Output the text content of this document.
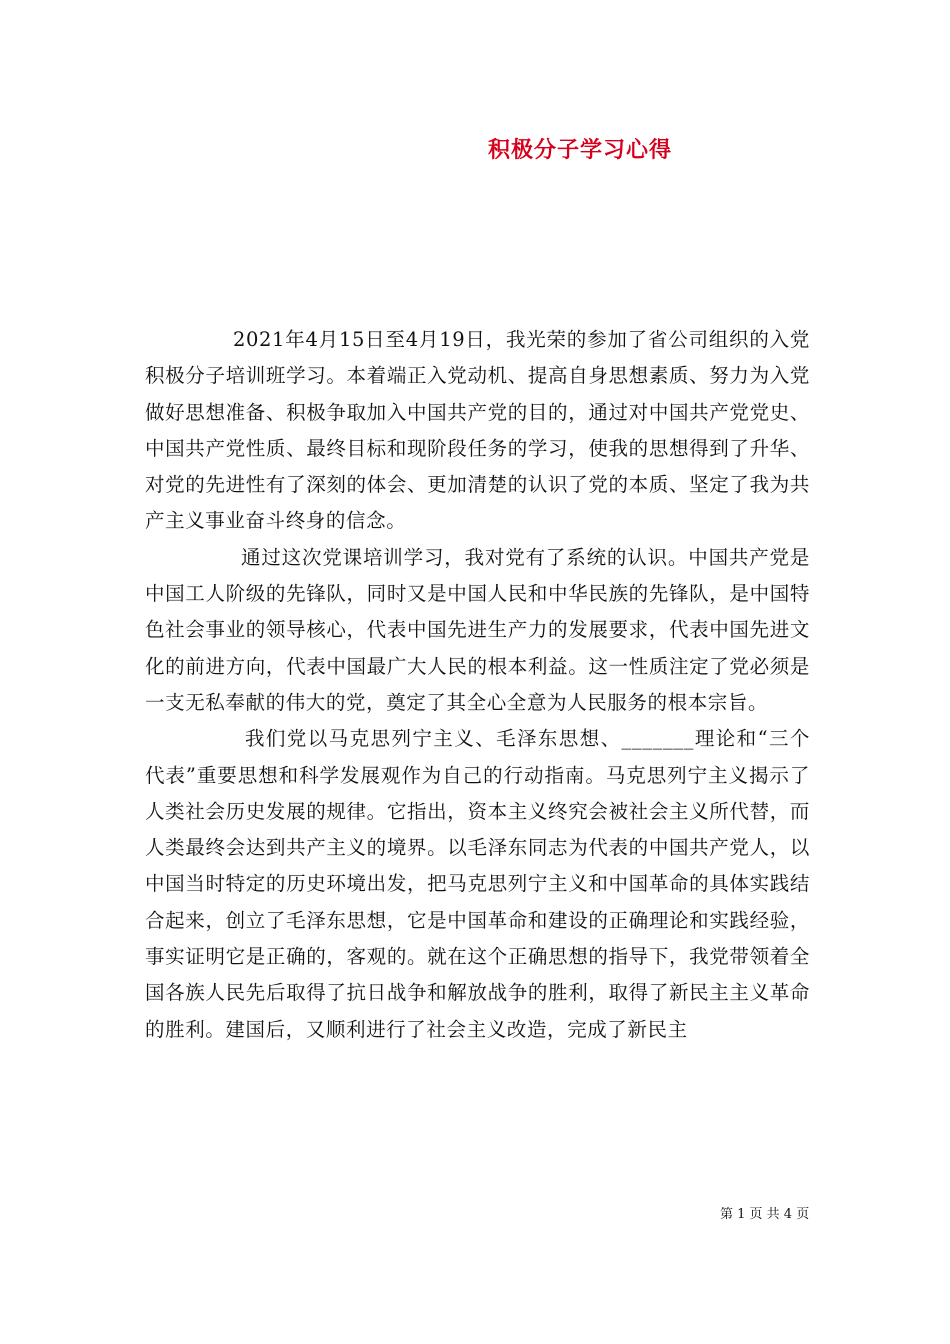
积极分子学习心得

2021年4月15日至4月19日，我光荣的参加了省公司组织的入党积极分子培训班学习。本着端正入党动机、提高自身思想素质、努力为入党做好思想准备、积极争取加入中国共产党的目的，通过对中国共产党党史、中国共产党性质、最终目标和现阶段任务的学习，使我的思想得到了升华、对党的先进性有了深刻的体会、更加清楚的认识了党的本质、坚定了我为共产主义事业奋斗终身的信念。

通过这次党课培训学习，我对党有了系统的认识。中国共产党是中国工人阶级的先锋队，同时又是中国人民和中华民族的先锋队，是中国特色社会事业的领导核心，代表中国先进生产力的发展要求，代表中国先进文化的前进方向，代表中国最广大人民的根本利益。这一性质注定了党必须是一支无私奉献的伟大的党，奠定了其全心全意为人民服务的根本宗旨。

我们党以马克思列宁主义、毛泽东思想、_______理论和“三个代表”重要思想和科学发展观作为自己的行动指南。马克思列宁主义揭示了人类社会历史发展的规律。它指出，资本主义终究会被社会主义所代替，而人类最终会达到共产主义的境界。以毛泽东同志为代表的中国共产党人，以中国当时特定的历史环境出发，把马克思列宁主义和中国革命的具体实践结合起来，创立了毛泽东思想，它是中国革命和建设的正确理论和实践经验，事实证明它是正确的，客观的。就在这个正确思想的指导下，我党带领着全国各族人民先后取得了抗日战争和解放战争的胜利，取得了新民主主义革命的胜利。建国后，又顺利进行了社会主义改造，完成了新民主

第 1 页 共 4 页
